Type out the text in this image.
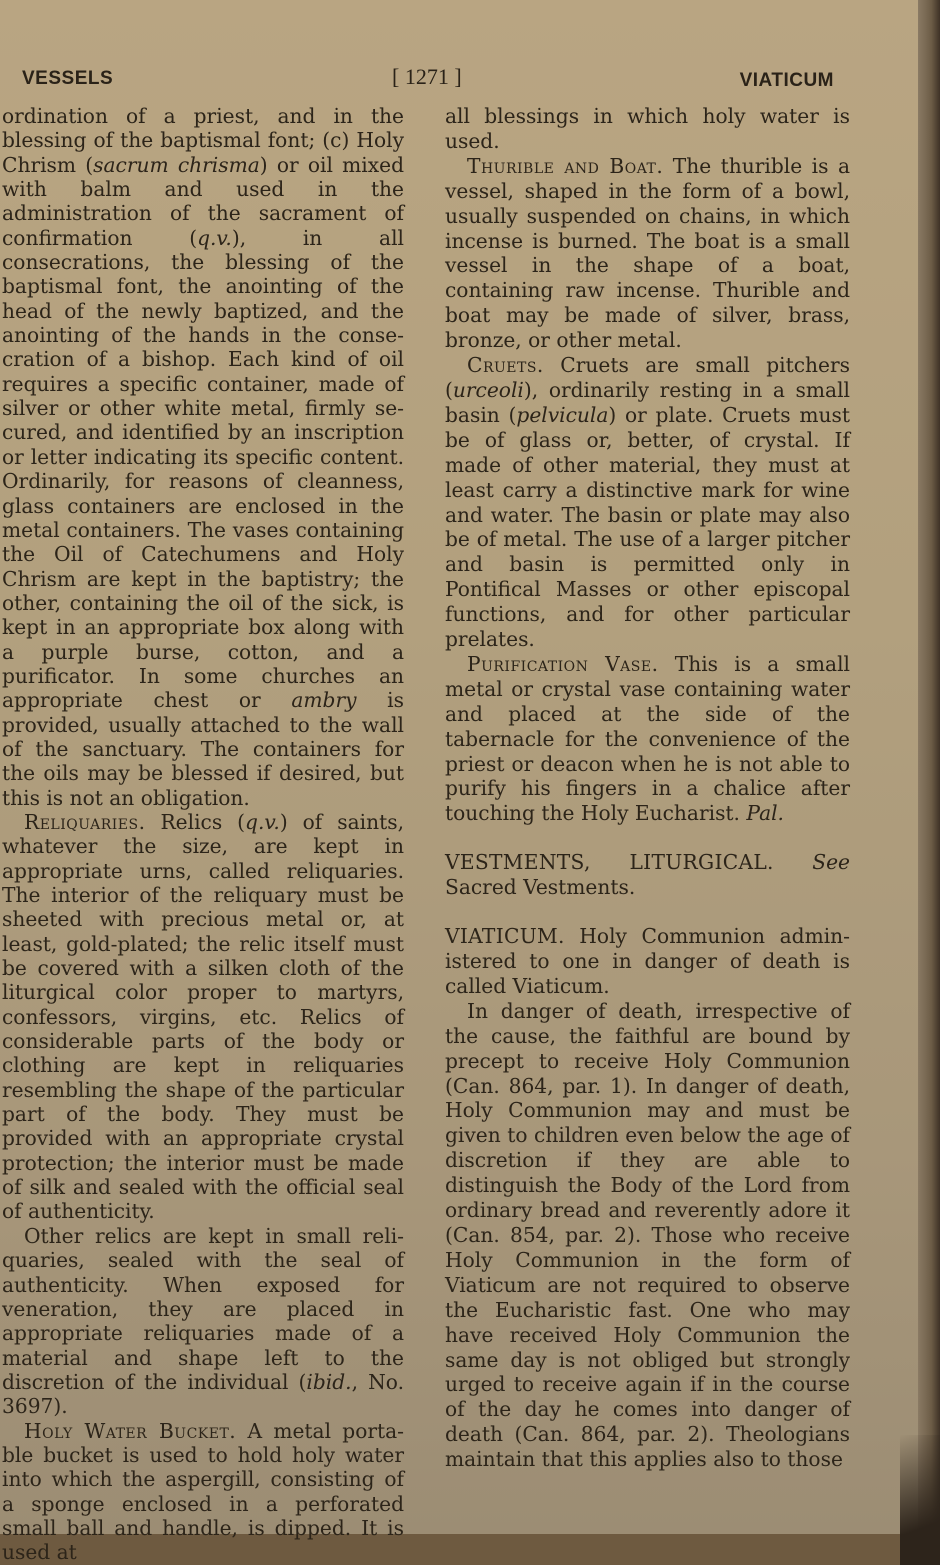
VESSELS	[ 1271 ]	VIATICUM

ordination of a priest, and in the blessing of the baptismal font; (c) Holy Chrism (sacrum chrisma) or oil mixed with balm and used in the administration of the sacrament of confirmation (q.v.), in all consecrations, the blessing of the baptismal font, the anointing of the head of the newly baptized, and the anointing of the hands in the consecration of a bishop. Each kind of oil requires a specific container, made of silver or other white metal, firmly secured, and identified by an inscription or letter indicating its specific content. Ordinarily, for reasons of cleanness, glass containers are enclosed in the metal containers. The vases containing the Oil of Catechumens and Holy Chrism are kept in the baptistry; the other, containing the oil of the sick, is kept in an appropriate box along with a purple burse, cotton, and a purificator. In some churches an appropriate chest or ambry is provided, usually attached to the wall of the sanctuary. The containers for the oils may be blessed if desired, but this is not an obligation.

Reliquaries. Relics (q.v.) of saints, whatever the size, are kept in appropriate urns, called reliquaries. The interior of the reliquary must be sheeted with precious metal or, at least, gold-plated; the relic itself must be covered with a silken cloth of the liturgical color proper to martyrs, confessors, virgins, etc. Relics of considerable parts of the body or clothing are kept in reliquaries resembling the shape of the particular part of the body. They must be provided with an appropriate crystal protection; the interior must be made of silk and sealed with the official seal of authenticity.

Other relics are kept in small reliquaries, sealed with the seal of authenticity. When exposed for veneration, they are placed in appropriate reliquaries made of a material and shape left to the discretion of the individual (ibid., No. 3697).

Holy Water Bucket. A metal portable bucket is used to hold holy water into which the aspergill, consisting of a sponge enclosed in a perforated small ball and handle, is dipped. It is used at

all blessings in which holy water is used.

Thurible and Boat. The thurible is a vessel, shaped in the form of a bowl, usually suspended on chains, in which incense is burned. The boat is a small vessel in the shape of a boat, containing raw incense. Thurible and boat may be made of silver, brass, bronze, or other metal.

Cruets. Cruets are small pitchers (urceoli), ordinarily resting in a small basin (pelvicula) or plate. Cruets must be of glass or, better, of crystal. If made of other material, they must at least carry a distinctive mark for wine and water. The basin or plate may also be of metal. The use of a larger pitcher and basin is permitted only in Pontifical Masses or other episcopal functions, and for other particular prelates.

Purification Vase. This is a small metal or crystal vase containing water and placed at the side of the tabernacle for the convenience of the priest or deacon when he is not able to purify his fingers in a chalice after touching the Holy Eucharist. Pal.

VESTMENTS, LITURGICAL. See Sacred Vestments.

VIATICUM. Holy Communion administered to one in danger of death is called Viaticum.

In danger of death, irrespective of the cause, the faithful are bound by precept to receive Holy Communion (Can. 864, par. 1). In danger of death, Holy Communion may and must be given to children even below the age of discretion if they are able to distinguish the Body of the Lord from ordinary bread and reverently adore it (Can. 854, par. 2). Those who receive Holy Communion in the form of Viaticum are not required to observe the Eucharistic fast. One who may have received Holy Communion the same day is not obliged but strongly urged to receive again if in the course of the day he comes into danger of death (Can. 864, par. 2). Theologians maintain that this applies also to those
